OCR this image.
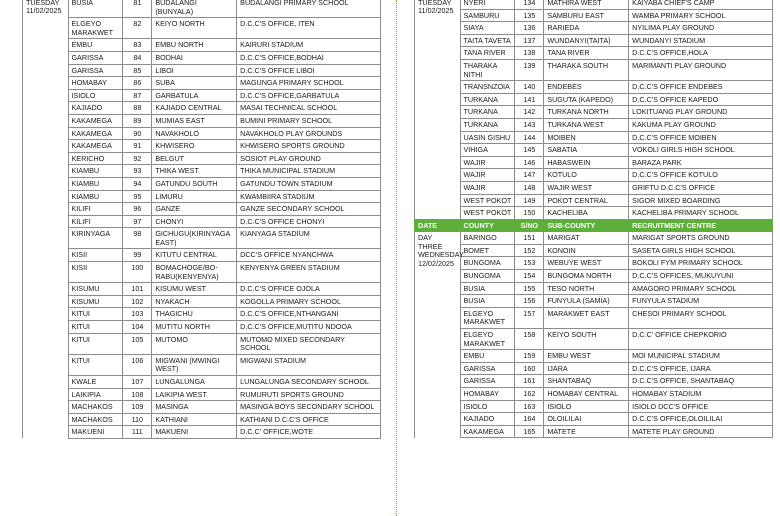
TUESDAY 11/02/2025	BUSIA	81	BUDALANGI (BUNYALA)	BUDALANGI PRIMARY SCHOOL
	ELGEYO MARAKWET	82	KEIYO NORTH	D.C.C'S OFFICE, ITEN
	EMBU	83	EMBU NORTH	KAIRURI STADIUM
	GARISSA	84	BODHAI	D.C.C'S OFFICE,BODHAI
	GARISSA	85	LIBOI	D.C.C'S OFFICE LIBOI
	HOMABAY	86	SUBA	MAGUNGA PRIMARY SCHOOL
	ISIOLO	87	GARBATULA	D.C.C'S OFFICE,GARBATULA
	KAJIADO	88	KAJIADO CENTRAL	MASAI TECHNICAL SCHOOL
	KAKAMEGA	89	MUMIAS EAST	BUMINI PRIMARY SCHOOL
	KAKAMEGA	90	NAVAKHOLO	NAVAKHOLO PLAY GROUNDS
	KAKAMEGA	91	KHWISERO	KHWISERO SPORTS GROUND
	KERICHO	92	BELGUT	SOSIOT PLAY GROUND
	KIAMBU	93	THIKA WEST	THIKA MUNICIPAL STADIUM
	KIAMBU	94	GATUNDU SOUTH	GATUNDU TOWN STADIUM
	KIAMBU	95	LIMURU	KWAMBIIRA STADIUM
	KILIFI	96	GANZE	GANZE SECONDARY SCHOOL
	KILIFI	97	CHONYI	D.C.C'S OFFICE CHONYI
	KIRINYAGA	98	GICHUGU(KIRINYAGA EAST)	KIANYAGA STADIUM
	KISII	99	KITUTU CENTRAL	DCC'S OFFICE NYANCHWA
	KISII	100	BOMACHOGE/BO-RABU(KENYENYA)	KENYENYA GREEN STADIUM
	KISUMU	101	KISUMU WEST	D.C.C'S OFFICE OJOLA
	KISUMU	102	NYAKACH	KOGOLLA PRIMARY SCHOOL
	KITUI	103	THAGICHU	D.C.C'S OFFICE,NTHANGANI
	KITUI	104	MUTITU NORTH	D.C.C'S OFFICE,MUTITU NDOOA
	KITUI	105	MUTOMO	MUTOMO MIXED SECONDARY SCHOOL
	KITUI	106	MIGWANI (MWINGI WEST)	MIGWANI STADIUM
	KWALE	107	LUNGALUNGA	LUNGALUNGA SECONDARY SCHOOL
	LAIKIPIA	108	LAIKIPIA WEST	RUMURUTI SPORTS GROUND
	MACHAKOS	109	MASINGA	MASINGA BOYS SECONDARY SCHOOL
	MACHAKOS	110	KATHIANI	KATHIANI D.C.C'S OFFICE
	MAKUENI	111	MAKUENI	D.C.C' OFFICE,WOTE
TUESDAY 11/02/2025	NYERI	134	MATHIRA WEST	KAIYABA CHIEF'S CAMP
	SAMBURU	135	SAMBURU EAST	WAMBA PRIMARY SCHOOL
	SIAYA	136	RARIEDA	NYILIMA PLAY GROUND
	TAITA TAVETA	137	WUNDANYI(TAITA)	WUNDANYI STADIUM
	TANA RIVER	138	TANA RIVER	D.C.C'S OFFICE,HOLA
	THARAKA NITHI	139	THARAKA SOUTH	MARIMANTI PLAY GROUND
	TRANSNZOIA	140	ENDEBES	D.C.C'S OFFICE ENDEBES
	TURKANA	141	SUGUTA (KAPEDO)	D.C.C'S OFFICE KAPEDO
	TURKANA	142	TURKANA NORTH	LOKITUANG PLAY GROUND
	TURKANA	143	TURKANA WEST	KAKUMA PLAY GROUND
	UASIN GISHU	144	MOIBEN	D.C.C'S OFFICE MOIBEN
	VIHIGA	145	SABATIA	VOKOLI GIRLS HIGH SCHOOL
	WAJIR	146	HABASWEIN	BARAZA PARK
	WAJIR	147	KOTULO	D.C.C'S OFFICE KOTULO
	WAJIR	148	WAJIR WEST	GRIFTU D.C.C'S OFFICE
	WEST POKOT	149	POKOT CENTRAL	SIGOR MIXED BOARDING
	WEST POKOT	150	KACHELIBA	KACHELIBA PRIMARY SCHOOL
DATE	COUNTY	S/NO	SUB-COUNTY	RECRUITMENT CENTRE
DAY THREE WEDNESDAY 12/02/2025	BARINGO	151	MARIGAT	MARIGAT SPORTS GROUND
	BOMET	152	KONOIN	SASETA GIRLS HIGH SCHOOL
	BUNGOMA	153	WEBUYE WEST	BOKOLI FYM PRIMARY SCHOOL
	BUNGOMA	154	BUNGOMA NORTH	D.C.C'S OFFICES, MUKUYUNI
	BUSIA	155	TESO NORTH	AMAGORO PRIMARY SCHOOL
	BUSIA	156	FUNYULA (SAMIA)	FUNYULA STADIUM
	ELGEYO MARAKWET	157	MARAKWET EAST	CHESOI PRIMARY SCHOOL
	ELGEYO MARAKWET	158	KEIYO SOUTH	D.C.C' OFFICE CHEPKORIO
	EMBU	159	EMBU WEST	MOI MUNICIPAL STADIUM
	GARISSA	160	IJARA	D.C.C'S OFFICE, IJARA
	GARISSA	161	SHANTABAQ	D.C.C'S OFFICE, SHANTABAQ
	HOMABAY	162	HOMABAY CENTRAL	HOMABAY STADIUM
	ISIOLO	163	ISIOLO	ISIOLO DCC'S OFFICE
	KAJIADO	164	OLOILILAI	D.C.C'S OFFICE,OLOILILAI
	KAKAMEGA	165	MATETE	MATETE PLAY GROUND
